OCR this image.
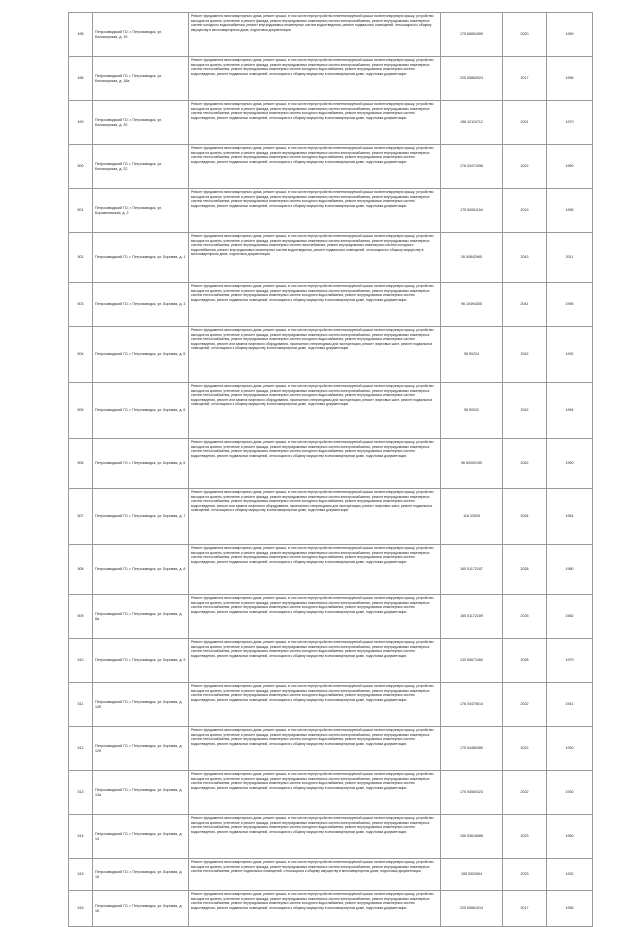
495	Петрозаводский ГО, г. Петрозаводск, ул. Беломорская, д. 15	Ремонт фундамента многоквартирного дома, ремонт крыши, в том числе переустройство невентилируемой крыши на вентилируемую крышу, устройство выходов на кровлю, утепление и ремонт фасада, ремонт внутридомовых инженерных систем электроснабжения, ремонт внутридомовых инженерных систем холодного водоснабжения, ремонт внутридомовых инженерных систем водоотведения, ремонт подвальных помещений, относящихся к общему имуществу в многоквартирном доме, подготовка документации	175 66651065	2020	1959
496	Петрозаводский ГО, г. Петрозаводск, ул. Беломорская, д. 18а	Ремонт фундамента многоквартирного дома, ремонт крыши, в том числе переустройство невентилируемой крыши на вентилируемую крышу, устройство выходов на кровлю, утепление и ремонт фасада, ремонт внутридомовых инженерных систем электроснабжения, ремонт внутридомовых инженерных систем теплоснабжения, ремонт внутридомовых инженерных систем холодного водоснабжения, ремонт внутридомовых инженерных систем водоотведения, ремонт подвальных помещений, относящихся к общему имуществу в многоквартирном доме, подготовка документации	225 50860924	2017	1956
499	Петрозаводский ГО, г. Петрозаводск, ул. Беломорская, д. 20	Ремонт фундамента многоквартирного дома, ремонт крыши, в том числе переустройство невентилируемой крыши на вентилируемую крышу, устройство выходов на кровлю, утепление и ремонт фасада, ремонт внутридомовых инженерных систем электроснабжения, ремонт внутридомовых инженерных систем теплоснабжения, ремонт внутридомовых инженерных систем холодного водоснабжения, ремонт внутридомовых инженерных систем водоотведения, ремонт подвальных помещений, относящихся к общему имуществу в многоквартирном доме, подготовка документации	158 42110712	2021	1970
500	Петрозаводский ГО, г. Петрозаводск, ул. Беломорская, д. 22	Ремонт фундамента многоквартирного дома, ремонт крыши, в том числе переустройство невентилируемой крыши на вентилируемую крышу, устройство выходов на кровлю, утепление и ремонт фасада, ремонт внутридомовых инженерных систем электроснабжения, ремонт внутридомовых инженерных систем теплоснабжения, ремонт внутридомовых инженерных систем холодного водоснабжения, ремонт внутридомовых инженерных систем водоотведения, ремонт подвальных помещений, относящихся к общему имуществу в многоквартирном доме, подготовка документации	176 04471996	2022	1969
501	Петрозаводский ГО, г. Петрозаводск, ул. Боровичевская, д. 2	Ремонт фундамента многоквартирного дома, ремонт крыши, в том числе переустройство невентилируемой крыши на вентилируемую крышу, устройство выходов на кровлю, утепление и ремонт фасада, ремонт внутридомовых инженерных систем электроснабжения, ремонт внутридомовых инженерных систем теплоснабжения, ремонт внутридомовых инженерных систем холодного водоснабжения, ремонт внутридомовых инженерных систем водоотведения, ремонт подвальных помещений, относящихся к общему имуществу в многоквартирном доме, подготовка документации	175 50061154	2019	1955
502	Петрозаводский ГО, г. Петрозаводск, ул. Боровая, д. 1	Ремонт фундамента многоквартирного дома, ремонт крыши, в том числе переустройство невентилируемой крыши на вентилируемую крышу, устройство выходов на кровлю, утепление и ремонт фасада, ремонт внутридомовых инженерных систем электроснабжения, ремонт внутридомовых инженерных систем теплоснабжения, ремонт внутридомовых инженерных систем газоснабжения, ремонт внутридомовых инженерных систем холодного водоснабжения, ремонт внутридомовых инженерных систем водоотведения, ремонт подвальных помещений, относящихся к общему имуществу в многоквартирном доме, подготовка документации	26 50842965	2043	2011
503	Петрозаводский ГО, г. Петрозаводск, ул. Боровая, д. 3	Ремонт фундамента многоквартирного дома, ремонт крыши, в том числе переустройство невентилируемой крыши на вентилируемую крышу, устройство выходов на кровлю, утепление и ремонт фасада, ремонт внутридомовых инженерных систем электроснабжения, ремонт внутридомовых инженерных систем теплоснабжения, ремонт внутридомовых инженерных систем холодного водоснабжения, ремонт внутридомовых инженерных систем водоотведения, ремонт подвальных помещений, относящихся к общему имуществу в многоквартирном доме, подготовка документации	96 10494305	2041	1995
504	Петрозаводский ГО, г. Петрозаводск, ул. Боровая, д. 5	Ремонт фундамента многоквартирного дома, ремонт крыши, в том числе переустройство невентилируемой крыши на вентилируемую крышу, устройство выходов на кровлю, утепление и ремонт фасада, ремонт внутридомовых инженерных систем электроснабжения, ремонт внутридомовых инженерных систем теплоснабжения, ремонт внутридомовых инженерных систем холодного водоснабжения, ремонт внутридомовых инженерных систем водоотведения, ремонт или замена лифтового оборудования, признанного непригодным для эксплуатации, ремонт лифтовых шахт, ремонт подвальных помещений, относящихся к общему имуществу в многоквартирном доме, подготовка документации	96 50224	2042	1992
505	Петрозаводский ГО, г. Петрозаводск, ул. Боровая, д. 6	Ремонт фундамента многоквартирного дома, ремонт крыши, в том числе переустройство невентилируемой крыши на вентилируемую крышу, устройство выходов на кровлю, утепление и ремонт фасада, ремонт внутридомовых инженерных систем электроснабжения, ремонт внутридомовых инженерных систем теплоснабжения, ремонт внутридомовых инженерных систем холодного водоснабжения, ремонт внутридомовых инженерных систем водоотведения, ремонт или замена лифтового оборудования, признанного непригодным для эксплуатации, ремонт лифтовых шахт, ремонт подвальных помещений, относящихся к общему имуществу в многоквартирном доме, подготовка документации	96 50022	2042	1994
506	Петрозаводский ГО, г. Петрозаводск, ул. Боровая, д. 6	Ремонт фундамента многоквартирного дома, ремонт крыши, в том числе переустройство невентилируемой крыши на вентилируемую крышу, устройство выходов на кровлю, утепление и ремонт фасада, ремонт внутридомовых инженерных систем электроснабжения, ремонт внутридомовых инженерных систем теплоснабжения, ремонт внутридомовых инженерных систем холодного водоснабжения, ремонт внутридомовых инженерных систем водоотведения, ремонт подвальных помещений, относящихся к общему имуществу в многоквартирном доме, подготовка документации	96 50092155	2042	1990
507	Петрозаводский ГО, г. Петрозаводск, ул. Боровая, д. 7	Ремонт фундамента многоквартирного дома, ремонт крыши, в том числе переустройство невентилируемой крыши на вентилируемую крышу, устройство выходов на кровлю, утепление и ремонт фасада, ремонт внутридомовых инженерных систем электроснабжения, ремонт внутридомовых инженерных систем теплоснабжения, ремонт внутридомовых инженерных систем холодного водоснабжения, ремонт внутридомовых инженерных систем водоотведения, ремонт или замена лифтового оборудования, признанного непригодным для эксплуатации, ремонт лифтовых шахт, ремонт подвальных помещений, относящихся к общему имуществу в многоквартирном доме, подготовка документации	116 33026	2034	1981
508	Петрозаводский ГО, г. Петрозаводск, ул. Боровая, д. 8	Ремонт фундамента многоквартирного дома, ремонт крыши, в том числе переустройство невентилируемой крыши на вентилируемую крышу, устройство выходов на кровлю, утепление и ремонт фасада, ремонт внутридомовых инженерных систем электроснабжения, ремонт внутридомовых инженерных систем теплоснабжения, ремонт внутридомовых инженерных систем холодного водоснабжения, ремонт внутридомовых инженерных систем водоотведения, ремонт подвальных помещений, относящихся к общему имуществу в многоквартирном доме, подготовка документации	165 51172187	2028	1980
509	Петрозаводский ГО, г. Петрозаводск, ул. Боровая, д. 8а	Ремонт фундамента многоквартирного дома, ремонт крыши, в том числе переустройство невентилируемой крыши на вентилируемую крышу, устройство выходов на кровлю, утепление и ремонт фасада, ремонт внутридомовых инженерных систем электроснабжения, ремонт внутридомовых инженерных систем теплоснабжения, ремонт внутридомовых инженерных систем холодного водоснабжения, ремонт внутридомовых инженерных систем водоотведения, ремонт подвальных помещений, относящихся к общему имуществу в многоквартирном доме, подготовка документации	165 51172189	2025	1982
510	Петрозаводский ГО, г. Петрозаводск, ул. Боровая, д. 9	Ремонт фундамента многоквартирного дома, ремонт крыши, в том числе переустройство невентилируемой крыши на вентилируемую крышу, устройство выходов на кровлю, утепление и ремонт фасада, ремонт внутридомовых инженерных систем электроснабжения, ремонт внутридомовых инженерных систем теплоснабжения, ремонт внутридомовых инженерных систем холодного водоснабжения, ремонт внутридомовых инженерных систем водоотведения, ремонт подвальных помещений, относящихся к общему имуществу в многоквартирном доме, подготовка документации	130 50671460	2028	1979
511	Петрозаводский ГО, г. Петрозаводск, ул. Боровая, д. 10б	Ремонт фундамента многоквартирного дома, ремонт крыши, в том числе переустройство невентилируемой крыши на вентилируемую крышу, устройство выходов на кровлю, утепление и ремонт фасада, ремонт внутридомовых инженерных систем электроснабжения, ремонт внутридомовых инженерных систем теплоснабжения, ремонт внутридомовых инженерных систем холодного водоснабжения, ремонт внутридомовых инженерных систем водоотведения, ремонт подвальных помещений, относящихся к общему имуществу в многоквартирном доме, подготовка документации	176 04470614	2022	1941
512	Петрозаводский ГО, г. Петрозаводск, ул. Боровая, д. 12б	Ремонт фундамента многоквартирного дома, ремонт крыши, в том числе переустройство невентилируемой крыши на вентилируемую крышу, устройство выходов на кровлю, утепление и ремонт фасада, ремонт внутридомовых инженерных систем электроснабжения, ремонт внутридомовых инженерных систем теплоснабжения, ремонт внутридомовых инженерных систем холодного водоснабжения, ремонт внутридомовых инженерных систем водоотведения, ремонт подвальных помещений, относящихся к общему имуществу в многоквартирном доме, подготовка документации	175 54480480	2022	1930
513	Петрозаводский ГО, г. Петрозаводск, ул. Боровая, д. 13а	Ремонт фундамента многоквартирного дома, ремонт крыши, в том числе переустройство невентилируемой крыши на вентилируемую крышу, устройство выходов на кровлю, утепление и ремонт фасада, ремонт внутридомовых инженерных систем электроснабжения, ремонт внутридомовых инженерных систем теплоснабжения, ремонт внутридомовых инженерных систем холодного водоснабжения, ремонт внутридомовых инженерных систем водоотведения, ремонт подвальных помещений, относящихся к общему имуществу в многоквартирном доме, подготовка документации	175 54550423	2022	1930
514	Петрозаводский ГО, г. Петрозаводск, ул. Боровая, д. 14	Ремонт фундамента многоквартирного дома, ремонт крыши, в том числе переустройство невентилируемой крыши на вентилируемую крышу, устройство выходов на кровлю, утепление и ремонт фасада, ремонт внутридомовых инженерных систем электроснабжения, ремонт внутридомовых инженерных систем теплоснабжения, ремонт внутридомовых инженерных систем холодного водоснабжения, ремонт внутридомовых инженерных систем водоотведения, ремонт подвальных помещений, относящихся к общему имуществу в многоквартирном доме, подготовка документации	156 53616886	2023	1950
515	Петрозаводский ГО, г. Петрозаводск, ул. Боровая, д. 15	Ремонт фундамента многоквартирного дома, ремонт крыши, в том числе переустройство невентилируемой крыши на вентилируемую крышу, устройство выходов на кровлю, утепление и ремонт фасада, ремонт внутридомовых инженерных систем электроснабжения, ремонт внутридомовых инженерных систем теплоснабжения, ремонт подвальных помещений, относящихся к общему имуществу в многоквартирном доме, подготовка документации	155 5302694	2023	1932
516	Петрозаводский ГО, г. Петрозаводск, ул. Боровая, д. 16	Ремонт фундамента многоквартирного дома, ремонт крыши, в том числе переустройство невентилируемой крыши на вентилируемую крышу, устройство выходов на кровлю, утепление и ремонт фасада, ремонт внутридомовых инженерных систем электроснабжения, ремонт внутридомовых инженерных систем теплоснабжения, ремонт внутридомовых инженерных систем холодного водоснабжения, ремонт внутридомовых инженерных систем водоотведения, ремонт подвальных помещений, относящихся к общему имуществу в многоквартирном доме, подготовка документации	225 50861014	2017	1956
